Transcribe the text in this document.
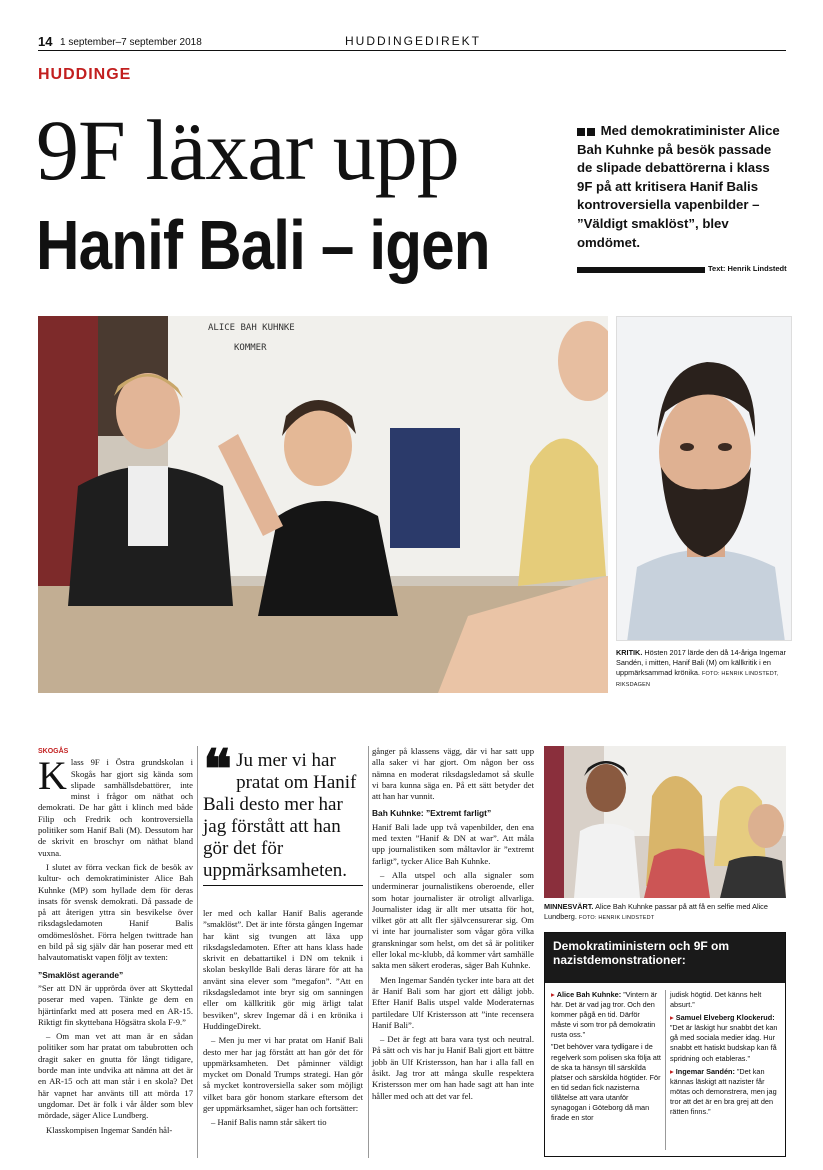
14 1 september–7 september 2018	HUDDINGEDIREKT
HUDDINGE
9F läxar upp
Hanif Bali – igen
Med demokratiminister Alice Bah Kuhnke på besök passade de slipade debattörerna i klass 9F på att kritisera Hanif Balis kontroversiella vapenbilder – ”Väldigt smaklöst”, blev omdömet.
Text: Henrik Lindstedt
ALICE BAH KUHNKE
KOMMER
KRITIK. Hösten 2017 lärde den då 14-åriga Ingemar Sandén, i mitten, Hanif Bali (M) om källkritik i en uppmärksammad krönika. FOTO: HENRIK LINDSTEDT, RIKSDAGEN
SKOGÅS

Klass 9F i Östra grundskolan i Skogås har gjort sig kända som slipade samhällsdebattörer, inte minst i frågor om näthat och demokrati. De har gått i klinch med både Filip och Fredrik och kontroversiella politiker som Hanif Bali (M). Dessutom har de skrivit en broschyr om näthat bland vuxna.

I slutet av förra veckan fick de besök av kultur- och demokratiminister Alice Bah Kuhnke (MP) som hyllade dem för deras insats för svensk demokrati. Då passade de på att återigen yttra sin besvikelse över riksdagsledamoten Hanif Balis omdömeslöshet. Förra helgen twittrade han en bild på sig själv där han poserar med ett halvautomatiskt vapen följt av texten:

”Smaklöst agerande”

”Ser att DN är upprörda över att Skyttedal poserar med vapen. Tänkte ge dem en hjärtinfarkt med att posera med en AR-15. Riktigt fin skyttebana Högsätra skola F-9.”

– Om man vet att man är en sådan politiker som har pratat om tabubrotten och dragit saker en gnutta för långt tidigare, borde man inte undvika att nämna att det är en AR-15 och att man står i en skola? Det här vapnet har använts till att mörda 17 ungdomar. Det är folk i vår ålder som blev mördade, säger Alice Lundberg.

Klasskompisen Ingemar Sandén hål-

❝ Ju mer vi har pratat om Hanif Bali desto mer har jag förstått att han gör det för uppmärksamheten.

ler med och kallar Hanif Balis agerande ”smaklöst”. Det är inte första gången Ingemar har känt sig tvungen att läxa upp riksdagsledamoten. Efter att hans klass hade skrivit en debattartikel i DN om teknik i skolan beskyllde Bali deras lärare för att ha använt sina elever som ”megafon”. ”Att en riksdagsledamot inte bryr sig om sanningen eller om källkritik gör mig ärligt talat besviken”, skrev Ingemar då i en krönika i HuddingeDirekt.

– Men ju mer vi har pratat om Hanif Bali desto mer har jag förstått att han gör det för uppmärksamheten. Det påminner väldigt mycket om Donald Trumps strategi. Han gör så mycket kontroversiella saker som möjligt vilket bara gör honom starkare eftersom det ger uppmärksamhet, säger han och fortsätter:

– Hanif Balis namn står säkert tio

gånger på klassens vägg, där vi har satt upp alla saker vi har gjort. Om någon ber oss nämna en moderat riksdagsledamot så skulle vi bara kunna säga en. På ett sätt betyder det att han har vunnit.

Bah Kuhnke: ”Extremt farligt”

Hanif Bali lade upp två vapenbilder, den ena med texten ”Hanif & DN at war”. Att måla upp journalistiken som måltavlor är ”extremt farligt”, tycker Alice Bah Kuhnke.

– Alla utspel och alla signaler som underminerar journalistikens oberoende, eller som hotar journalister är otroligt allvarliga. Journalister idag är allt mer utsatta för hot, vilket gör att allt fler självcensurerar sig. Om vi inte har journalister som vågar göra vilka granskningar som helst, om det så är politiker eller lokal mc-klubb, då kommer vårt samhälle sakta men säkert eroderas, säger Bah Kuhnke.

Men Ingemar Sandén tycker inte bara att det är Hanif Bali som har gjort ett dåligt jobb. Efter Hanif Balis utspel valde Moderaternas partiledare Ulf Kristersson att ”inte recensera Hanif Bali”.

– Det är fegt att bara vara tyst och neutral. På sätt och vis har ju Hanif Bali gjort ett bättre jobb än Ulf Kristersson, han har i alla fall en åsikt. Jag tror att många skulle respektera Kristersson mer om han hade sagt att han inte håller med och att det var fel.

MINNESVÄRT. Alice Bah Kuhnke passar på att få en selfie med Alice Lundberg. FOTO: HENRIK LINDSTEDT
Demokratiministern och 9F om nazistdemonstrationer:
▸ Alice Bah Kuhnke: ”Vintern är här. Det är vad jag tror. Och den kommer pågå en tid. Därför måste vi som tror på demokratin rusta oss.”
”Det behöver vara tydligare i de regelverk som polisen ska följa att de ska ta hänsyn till särskilda platser och särskilda högtider. För en tid sedan fick nazisterna tillåtelse att vara utanför synagogan i Göteborg då man firade en stor
judisk högtid. Det känns helt absurt.”
▸ Samuel Elveberg Klockerud: ”Det är läskigt hur snabbt det kan gå med sociala medier idag. Hur snabbt ett hatiskt budskap kan få spridning och etableras.”
▸ Ingemar Sandén: ”Det kan kännas läskigt att nazister får mötas och demonstrera, men jag tror att det är en bra grej att den rätten finns.”
